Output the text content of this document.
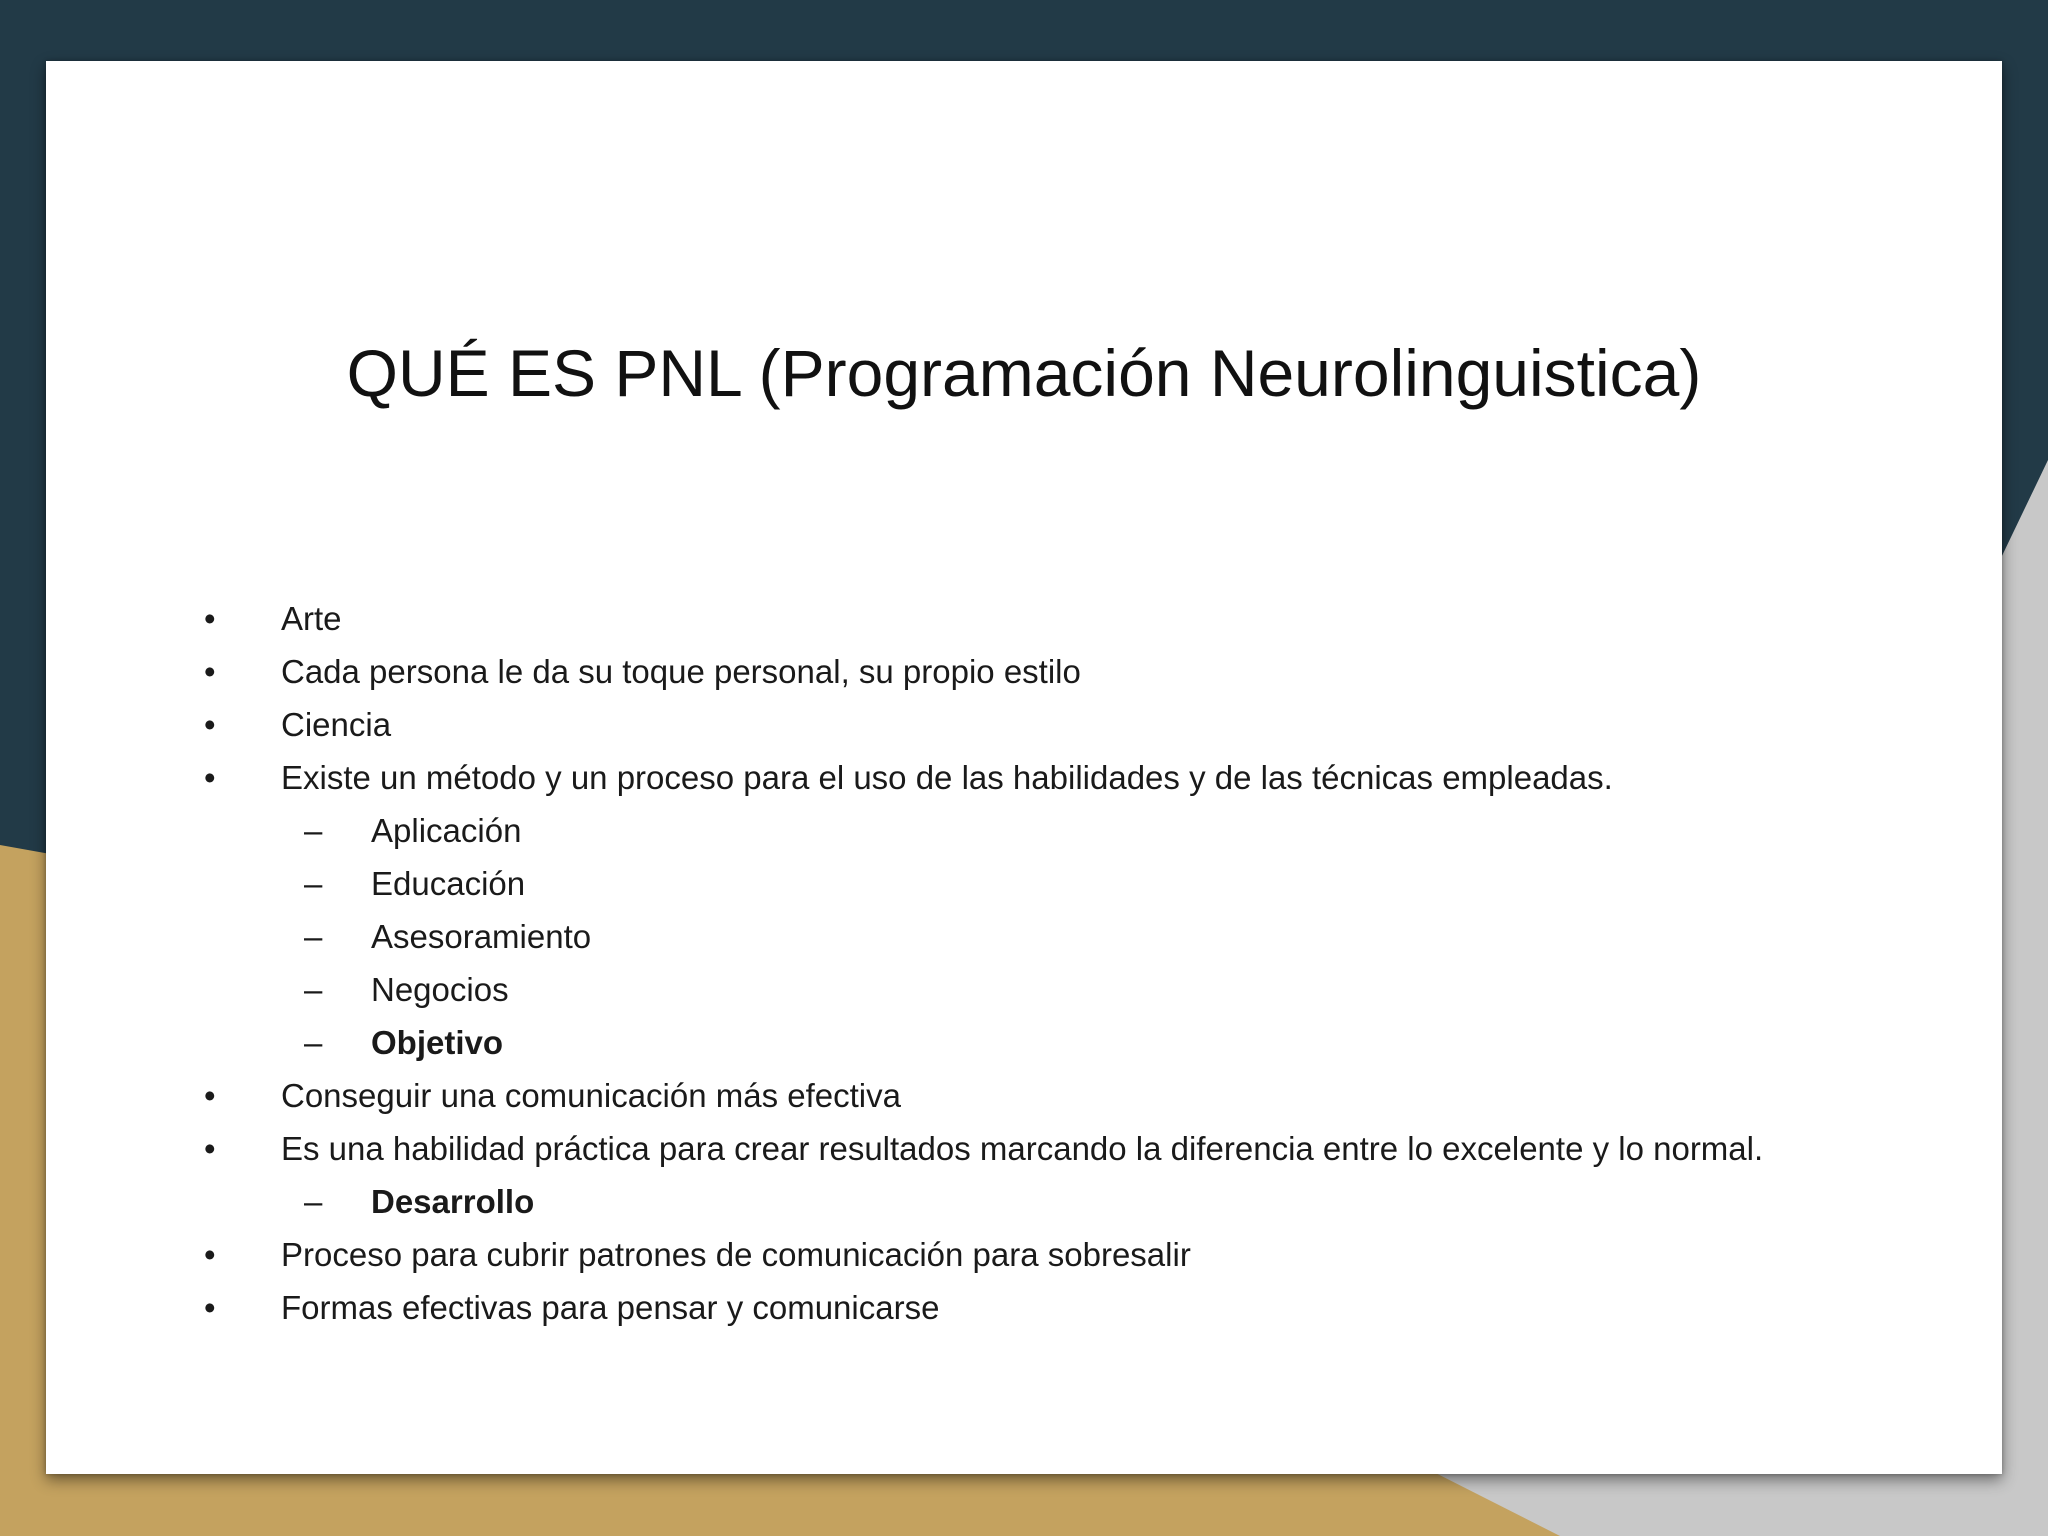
QUÉ ES PNL (Programación Neurolinguistica)
• Arte
• Cada persona le da su toque personal, su propio estilo
• Ciencia
• Existe un método y un proceso para el uso de las habilidades y de las técnicas empleadas.
– Aplicación
– Educación
– Asesoramiento
– Negocios
– Objetivo
• Conseguir una comunicación más efectiva
• Es una habilidad práctica para crear resultados marcando la diferencia entre lo excelente y lo normal.
– Desarrollo
• Proceso para cubrir patrones de comunicación para sobresalir
• Formas efectivas para pensar y comunicarse
